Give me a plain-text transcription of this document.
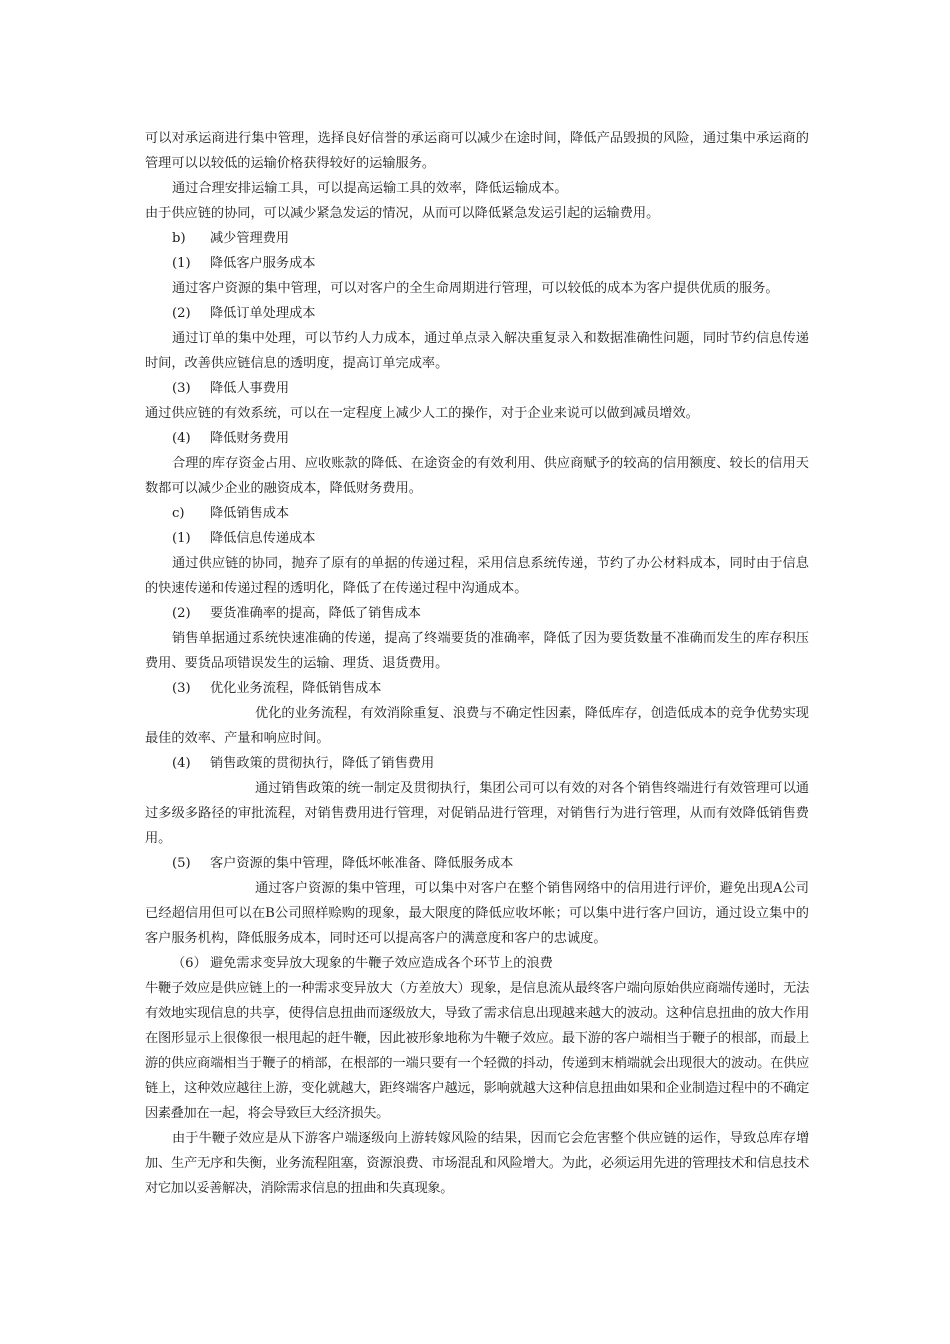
可以对承运商进行集中管理，选择良好信誉的承运商可以减少在途时间，降低产品毁损的风险，通过集中承运商的管理可以以较低的运输价格获得较好的运输服务。

通过合理安排运输工具，可以提高运输工具的效率，降低运输成本。

由于供应链的协同，可以减少紧急发运的情况，从而可以降低紧急发运引起的运输费用。

b) 减少管理费用

(1) 降低客户服务成本

通过客户资源的集中管理，可以对客户的全生命周期进行管理，可以较低的成本为客户提供优质的服务。

(2) 降低订单处理成本

通过订单的集中处理，可以节约人力成本，通过单点录入解决重复录入和数据准确性问题，同时节约信息传递时间，改善供应链信息的透明度，提高订单完成率。

(3) 降低人事费用

通过供应链的有效系统，可以在一定程度上减少人工的操作，对于企业来说可以做到减员增效。

(4) 降低财务费用

合理的库存资金占用、应收账款的降低、在途资金的有效利用、供应商赋予的较高的信用额度、较长的信用天数都可以减少企业的融资成本，降低财务费用。

c) 降低销售成本

(1) 降低信息传递成本

通过供应链的协同，抛弃了原有的单据的传递过程，采用信息系统传递，节约了办公材料成本，同时由于信息的快速传递和传递过程的透明化，降低了在传递过程中沟通成本。

(2) 要货准确率的提高，降低了销售成本

销售单据通过系统快速准确的传递，提高了终端要货的准确率，降低了因为要货数量不准确而发生的库存积压费用、要货品项错误发生的运输、理货、退货费用。

(3) 优化业务流程，降低销售成本

优化的业务流程，有效消除重复、浪费与不确定性因素，降低库存，创造低成本的竞争优势实现最佳的效率、产量和响应时间。

(4) 销售政策的贯彻执行，降低了销售费用

通过销售政策的统一制定及贯彻执行，集团公司可以有效的对各个销售终端进行有效管理可以通过多级多路径的审批流程，对销售费用进行管理，对促销品进行管理，对销售行为进行管理，从而有效降低销售费用。

(5) 客户资源的集中管理，降低坏帐准备、降低服务成本

通过客户资源的集中管理，可以集中对客户在整个销售网络中的信用进行评价，避免出现A公司已经超信用但可以在B公司照样赊购的现象，最大限度的降低应收坏帐；可以集中进行客户回访，通过设立集中的客户服务机构，降低服务成本，同时还可以提高客户的满意度和客户的忠诚度。

（6） 避免需求变异放大现象的牛鞭子效应造成各个环节上的浪费

牛鞭子效应是供应链上的一种需求变异放大（方差放大）现象，是信息流从最终客户端向原始供应商端传递时，无法有效地实现信息的共享，使得信息扭曲而逐级放大，导致了需求信息出现越来越大的波动。这种信息扭曲的放大作用在图形显示上很像很一根甩起的赶牛鞭，因此被形象地称为牛鞭子效应。最下游的客户端相当于鞭子的根部，而最上游的供应商端相当于鞭子的梢部，在根部的一端只要有一个轻微的抖动，传递到末梢端就会出现很大的波动。在供应链上，这种效应越往上游，变化就越大，距终端客户越远，影响就越大这种信息扭曲如果和企业制造过程中的不确定因素叠加在一起，将会导致巨大经济损失。

由于牛鞭子效应是从下游客户端逐级向上游转嫁风险的结果，因而它会危害整个供应链的运作，导致总库存增加、生产无序和失衡，业务流程阻塞，资源浪费、市场混乱和风险增大。为此，必须运用先进的管理技术和信息技术对它加以妥善解决，消除需求信息的扭曲和失真现象。
